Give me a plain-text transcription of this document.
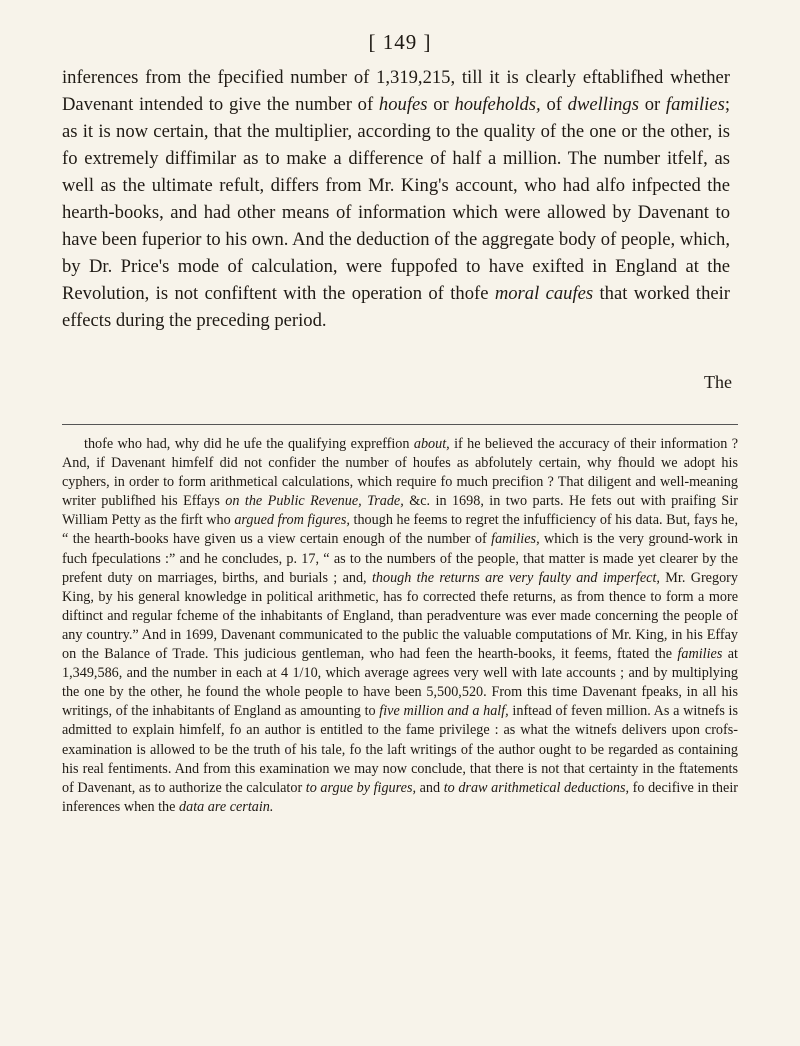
[ 149 ]

inferences from the fpecified number of 1,319,215, till it is clearly eftablifhed whether Davenant intended to give the number of houfes or houfeholds, of dwellings or families; as it is now certain, that the multiplier, according to the quality of the one or the other, is fo extremely diffimilar as to make a difference of half a million. The number itfelf, as well as the ultimate refult, differs from Mr. King's account, who had alfo infpected the hearth-books, and had other means of information which were allowed by Davenant to have been fuperior to his own. And the deduction of the aggregate body of people, which, by Dr. Price's mode of calculation, were fuppofed to have exifted in England at the Revolution, is not confiftent with the operation of thofe moral caufes that worked their effects during the preceding period.

The

thofe who had, why did he ufe the qualifying expreffion about, if he believed the accuracy of their information ? And, if Davenant himfelf did not confider the number of houfes as abfolutely certain, why fhould we adopt his cyphers, in order to form arithmetical calculations, which require fo much precifion ? That diligent and well-meaning writer publifhed his Effays on the Public Revenue, Trade, &c. in 1698, in two parts. He fets out with praifing Sir William Petty as the firft who argued from figures, though he feems to regret the infufficiency of his data. But, fays he, “ the hearth-books have given us a view certain enough of the number of families, which is the very ground-work in fuch fpeculations :” and he concludes, p. 17, “ as to the numbers of the people, that matter is made yet clearer by the prefent duty on marriages, births, and burials ; and, though the returns are very faulty and imperfect, Mr. Gregory King, by his general knowledge in political arithmetic, has fo corrected thefe returns, as from thence to form a more diftinct and regular fcheme of the inhabitants of England, than peradventure was ever made concerning the people of any country.” And in 1699, Davenant communicated to the public the valuable computations of Mr. King, in his Effay on the Balance of Trade. This judicious gentleman, who had feen the hearth-books, it feems, ftated the families at 1,349,586, and the number in each at 4 1/10, which average agrees very well with late accounts ; and by multiplying the one by the other, he found the whole people to have been 5,500,520. From this time Davenant fpeaks, in all his writings, of the inhabitants of England as amounting to five million and a half, inftead of feven million. As a witnefs is admitted to explain himfelf, fo an author is entitled to the fame privilege : as what the witnefs delivers upon crofs-examination is allowed to be the truth of his tale, fo the laft writings of the author ought to be regarded as containing his real fentiments. And from this examination we may now conclude, that there is not that certainty in the ftatements of Davenant, as to authorize the calculator to argue by figures, and to draw arithmetical deductions, fo decifive in their inferences when the data are certain.
